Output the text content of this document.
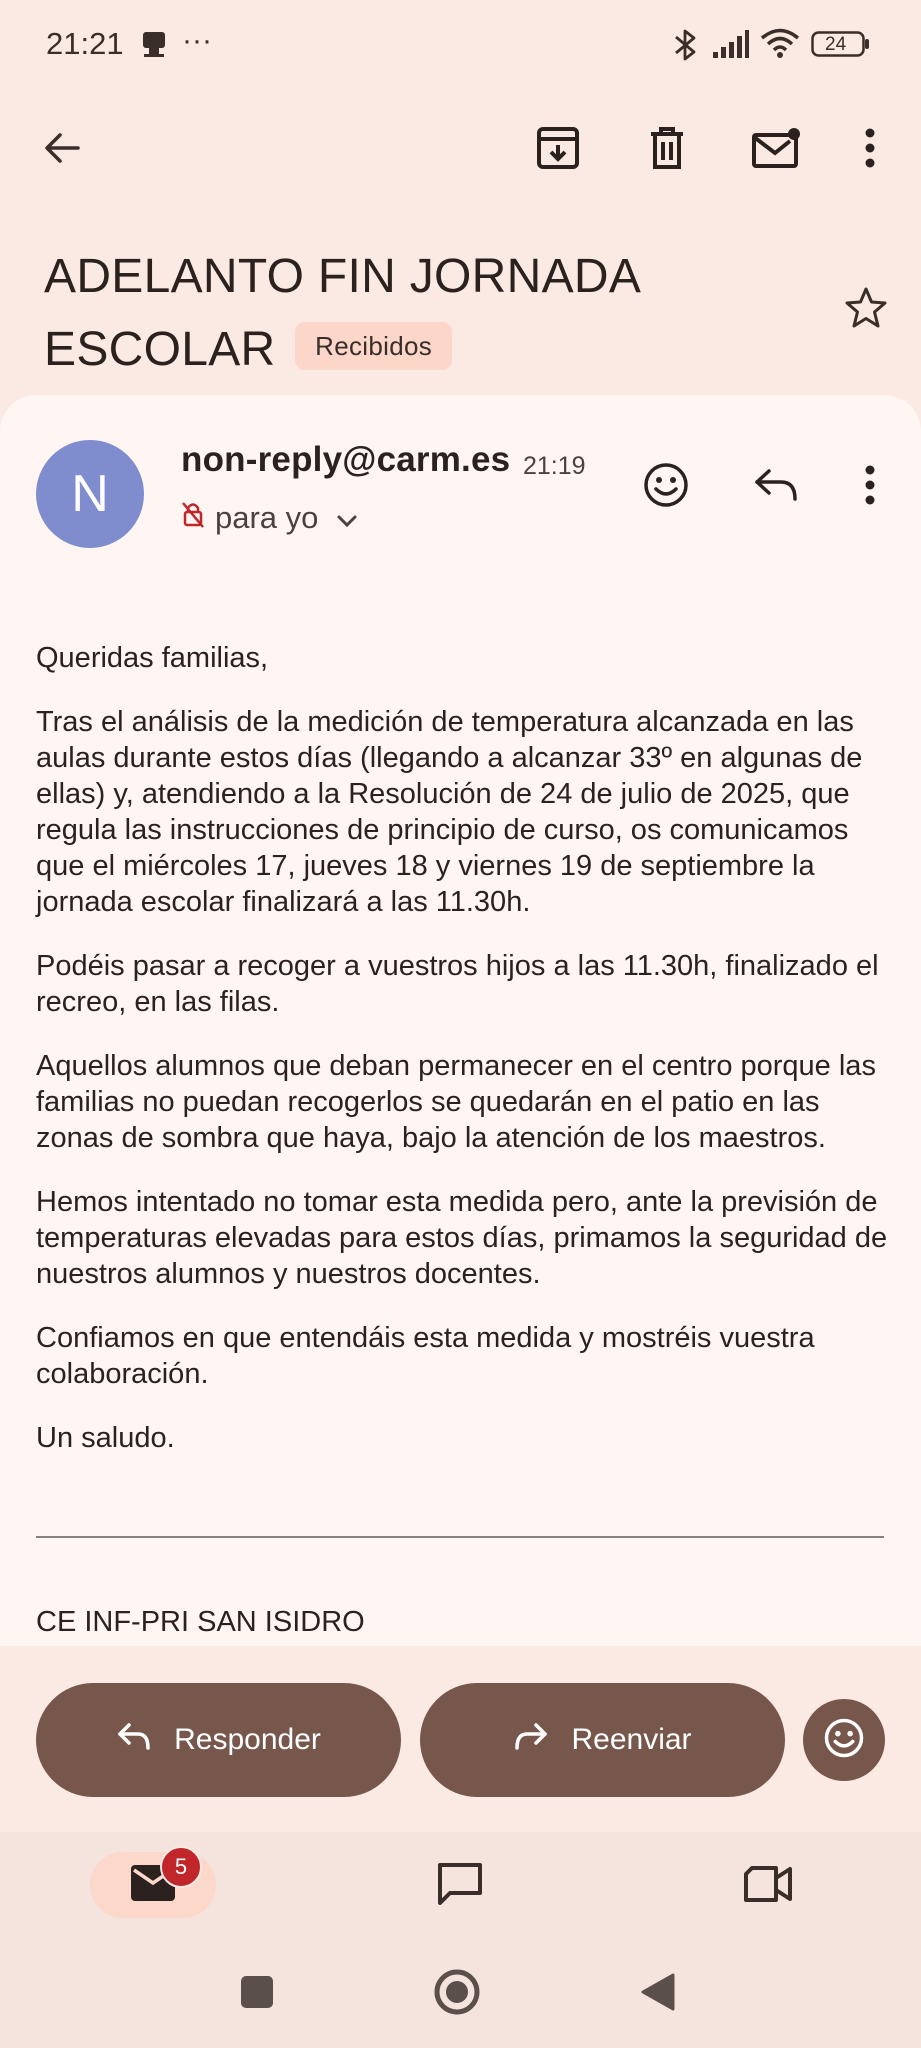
21:21 ···	24
ADELANTO FIN JORNADA ESCOLAR Recibidos
N
non-reply@carm.es 21:19
para yo

Queridas familias,

Tras el análisis de la medición de temperatura alcanzada en las aulas durante estos días (llegando a alcanzar 33º en algunas de ellas) y, atendiendo a la Resolución de 24 de julio de 2025, que regula las instrucciones de principio de curso, os comunicamos que el miércoles 17, jueves 18 y viernes 19 de septiembre la jornada escolar finalizará a las 11.30h.

Podéis pasar a recoger a vuestros hijos a las 11.30h, finalizado el recreo, en las filas.

Aquellos alumnos que deban permanecer en el centro porque las familias no puedan recogerlos se quedarán en el patio en las zonas de sombra que haya, bajo la atención de los maestros.

Hemos intentado no tomar esta medida pero, ante la previsión de temperaturas elevadas para estos días, primamos la seguridad de nuestros alumnos y nuestros docentes.

Confiamos en que entendáis esta medida y mostréis vuestra colaboración.

Un saludo.

CE INF-PRI SAN ISIDRO
Responder	Reenviar
5
